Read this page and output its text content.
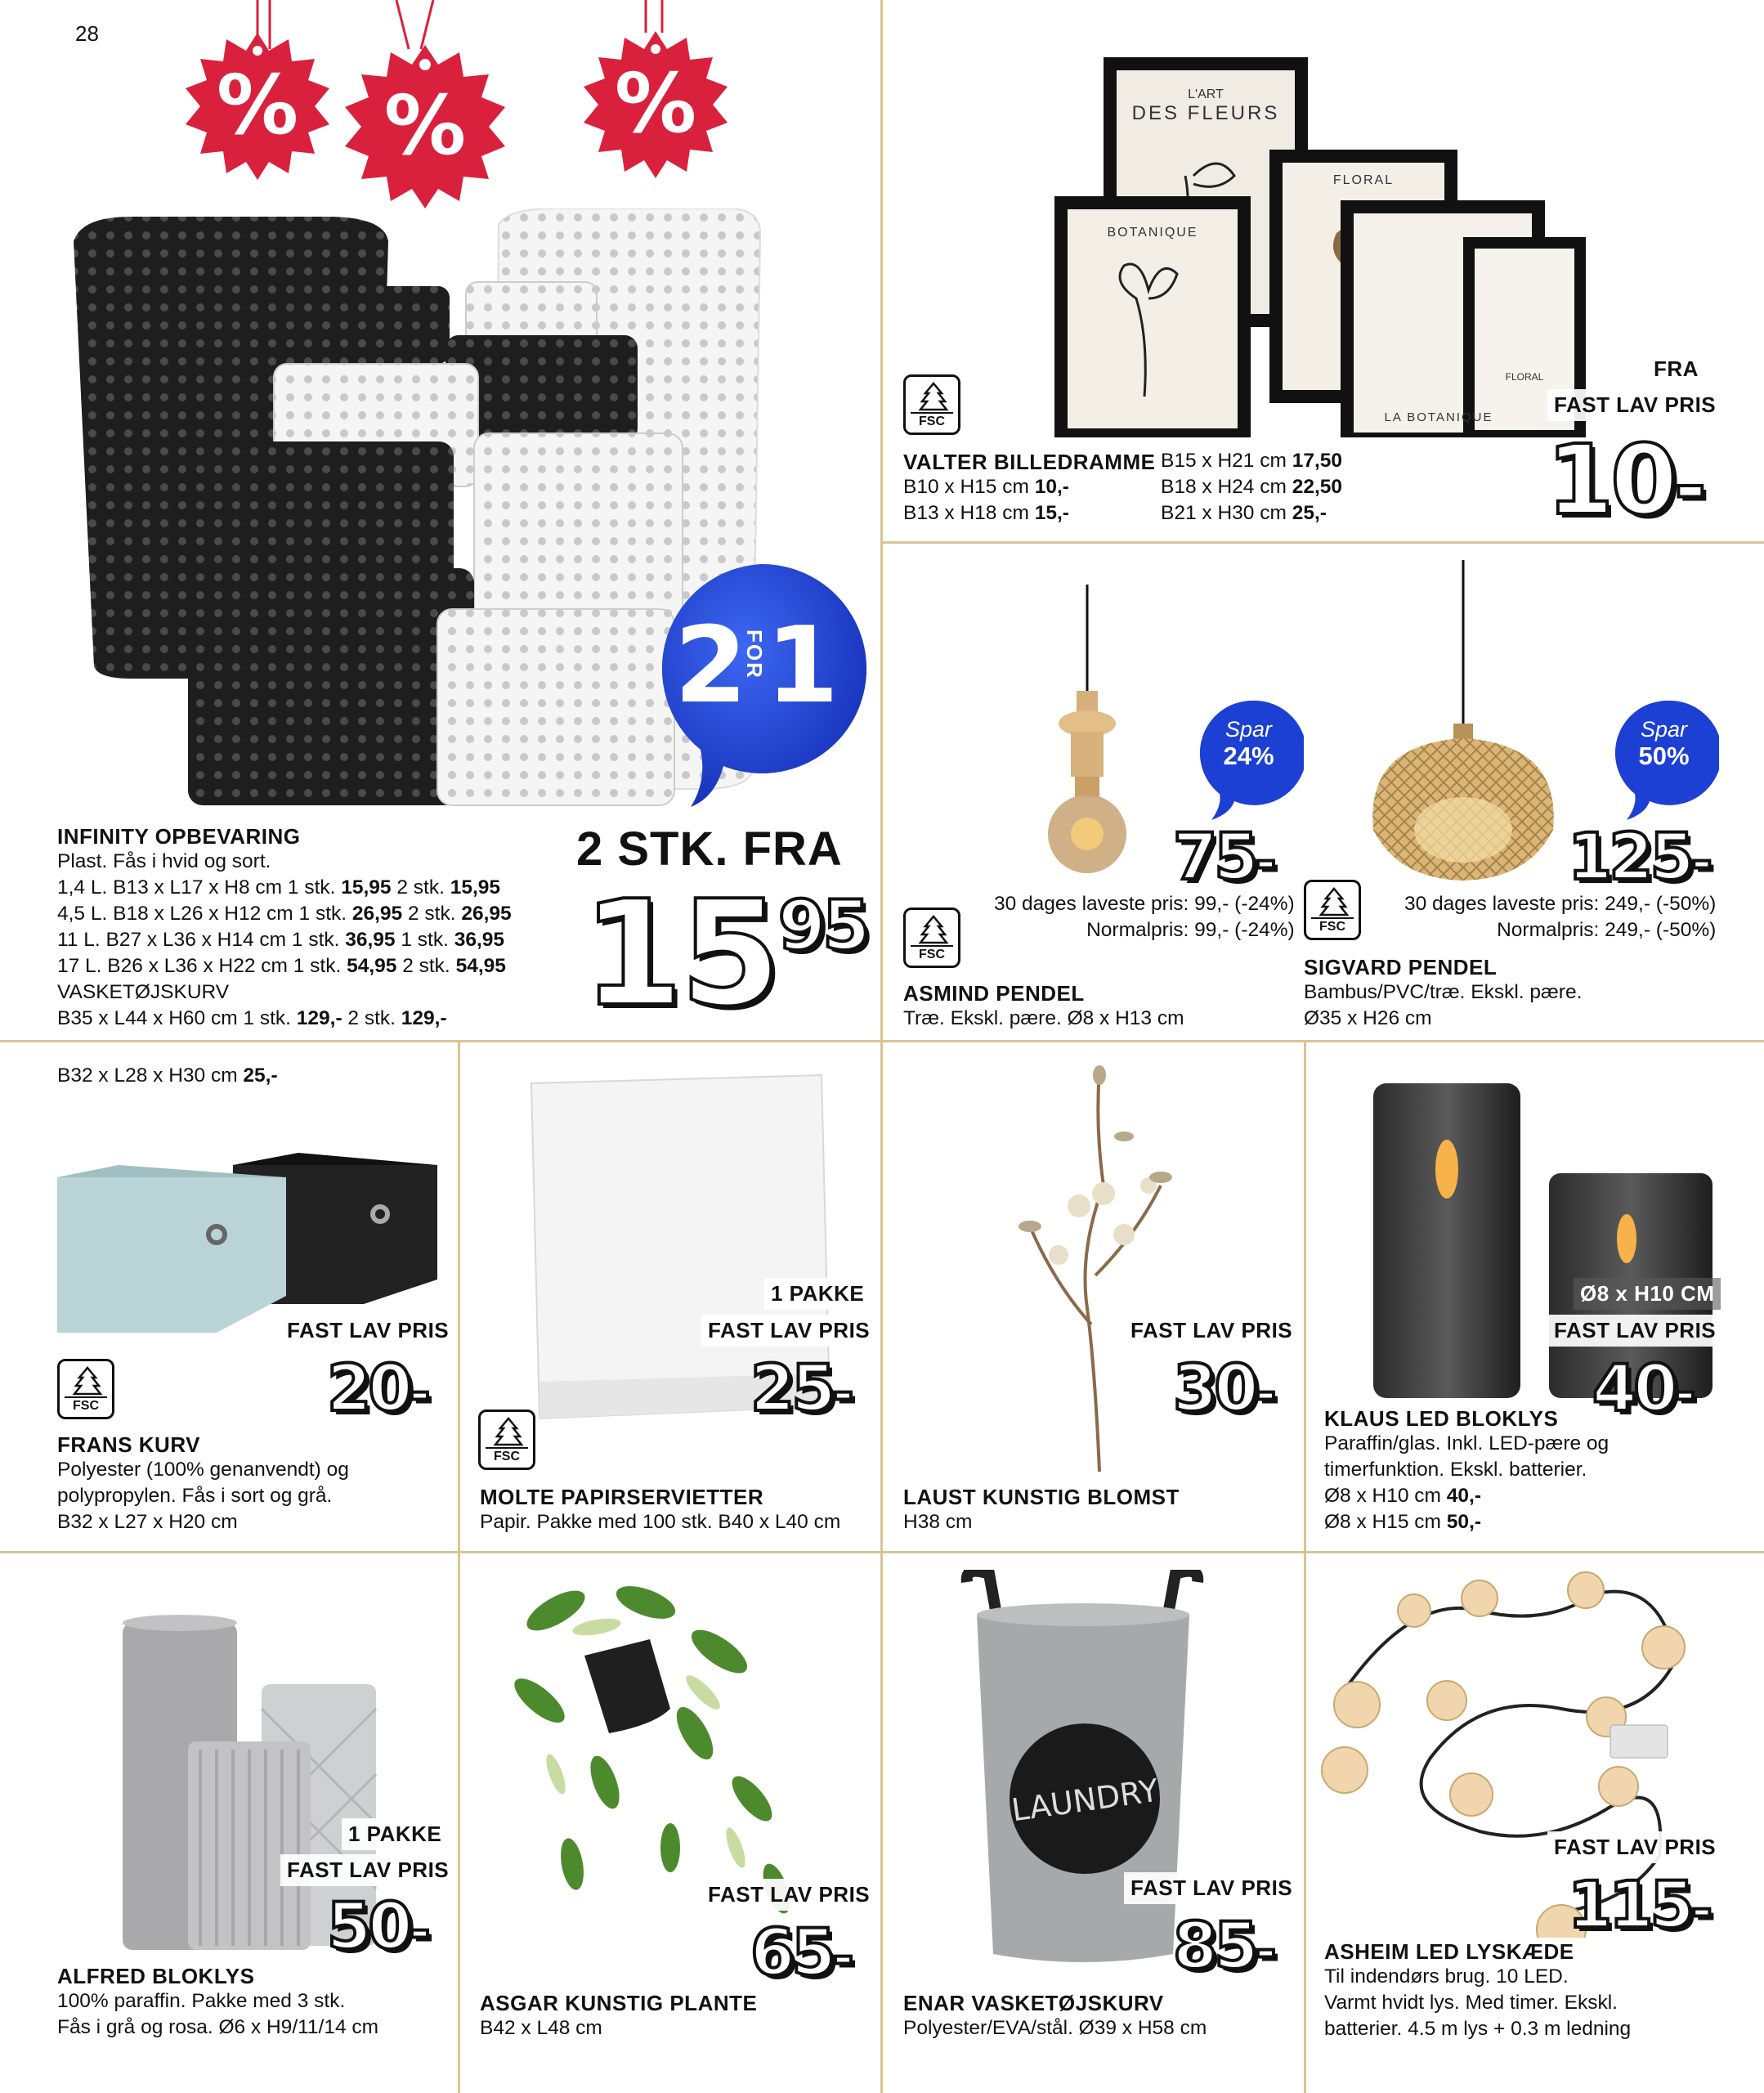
28
%	%	%
2
FOR 1
2 STK. FRA
$15^{95}$
INFINITY OPBEVARING
Plast. Fås i hvid og sort.
1,4 L. B13 x L17 x H8 cm 1 stk. 15,95 2 stk. 15,95
4,5 L. B18 x L26 x H12 cm 1 stk. 26,95 2 stk. 26,95
11 L. B27 x L36 x H14 cm 1 stk. 36,95 1 stk. 36,95
17 L. B26 x L36 x H22 cm 1 stk. 54,95 2 stk. 54,95
VASKETØJSKURV
B35 x L44 x H60 cm 1 stk. 129,- 2 stk. 129,-
L'ART
DES FLEURS
FLORAL
BOTANIQUE
FLORAL
LA BOTANIQUE
FSC
FRA
FAST LAV PRIS
10-
VALTER BILLEDRAMME
B10 x H15 cm 10,-
B13 x H18 cm 15,-
B15 x H21 cm 17,50
B18 x H24 cm 22,50
B21 x H30 cm 25,-
Spar
24%
75-
30 dages laveste pris: 99,- (-24%)
Normalpris: 99,- (-24%)
FSC
ASMIND PENDEL
Træ. Ekskl. pære. Ø8 x H13 cm
Spar
50%
125-
FSC
30 dages laveste pris: 249,- (-50%)
Normalpris: 249,- (-50%)
SIGVARD PENDEL
Bambus/PVC/træ. Ekskl. pære.
Ø35 x H26 cm
B32 x L28 x H30 cm 25,-
FAST LAV PRIS
20-
FSC
FRANS KURV
Polyester (100% genanvendt) og
polypropylen. Fås i sort og grå.
B32 x L27 x H20 cm
1 PAKKE
FAST LAV PRIS
25-
FSC
MOLTE PAPIRSERVIETTER
Papir. Pakke med 100 stk. B40 x L40 cm
FAST LAV PRIS
30-
LAUST KUNSTIG BLOMST
H38 cm
Ø8 x H10 CM
FAST LAV PRIS
40-
KLAUS LED BLOKLYS
Paraffin/glas. Inkl. LED-pære og
timerfunktion. Ekskl. batterier.
Ø8 x H10 cm 40,-
Ø8 x H15 cm 50,-
1 PAKKE
FAST LAV PRIS
50-
ALFRED BLOKLYS
100% paraffin. Pakke med 3 stk.
Fås i grå og rosa. Ø6 x H9/11/14 cm
FAST LAV PRIS
65-
ASGAR KUNSTIG PLANTE
B42 x L48 cm
LAUNDRY
FAST LAV PRIS
85-
ENAR VASKETØJSKURV
Polyester/EVA/stål. Ø39 x H58 cm
FAST LAV PRIS
115-
ASHEIM LED LYSKÆDE
Til indendørs brug. 10 LED.
Varmt hvidt lys. Med timer. Ekskl.
batterier. 4.5 m lys + 0.3 m ledning
